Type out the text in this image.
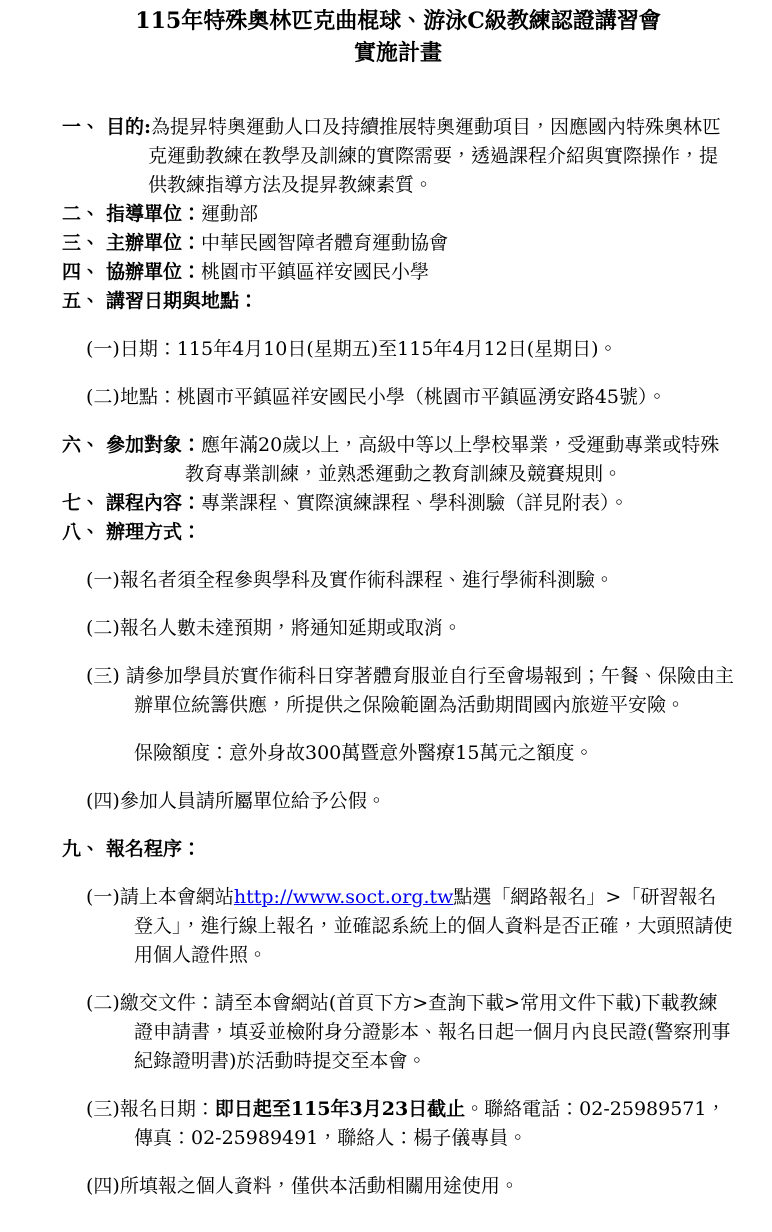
115年特殊奧林匹克曲棍球、游泳C級教練認證講習會
實施計畫

一、 目的:為提昇特奧運動人口及持續推展特奧運動項目，因應國內特殊奧林匹克運動教練在教學及訓練的實際需要，透過課程介紹與實際操作，提供教練指導方法及提昇教練素質。

二、 指導單位：運動部

三、 主辦單位：中華民國智障者體育運動協會

四、 協辦單位：桃園市平鎮區祥安國民小學

五、 講習日期與地點：

(一)日期：115年4月10日(星期五)至115年4月12日(星期日)。

(二)地點：桃園市平鎮區祥安國民小學（桃園市平鎮區湧安路45號）。

六、 參加對象：應年滿20歲以上，高級中等以上學校畢業，受運動專業或特殊教育專業訓練，並熟悉運動之教育訓練及競賽規則。

七、 課程內容：專業課程、實際演練課程、學科測驗（詳見附表）。

八、 辦理方式：

(一)報名者須全程參與學科及實作術科課程、進行學術科測驗。

(二)報名人數未達預期，將通知延期或取消。

(三) 請參加學員於實作術科日穿著體育服並自行至會場報到；午餐、保險由主辦單位統籌供應，所提供之保險範圍為活動期間國內旅遊平安險。

保險額度：意外身故300萬暨意外醫療15萬元之額度。

(四)參加人員請所屬單位給予公假。

九、 報名程序：

(一)請上本會網站http://www.soct.org.tw點選「網路報名」>「研習報名登入」，進行線上報名，並確認系統上的個人資料是否正確，大頭照請使用個人證件照。

(二)繳交文件：請至本會網站(首頁下方>查詢下載>常用文件下載)下載教練證申請書，填妥並檢附身分證影本、報名日起一個月內良民證(警察刑事紀錄證明書)於活動時提交至本會。

(三)報名日期：即日起至115年3月23日截止。聯絡電話：02-25989571，傳真：02-25989491，聯絡人：楊子儀專員。

(四)所填報之個人資料，僅供本活動相關用途使用。
